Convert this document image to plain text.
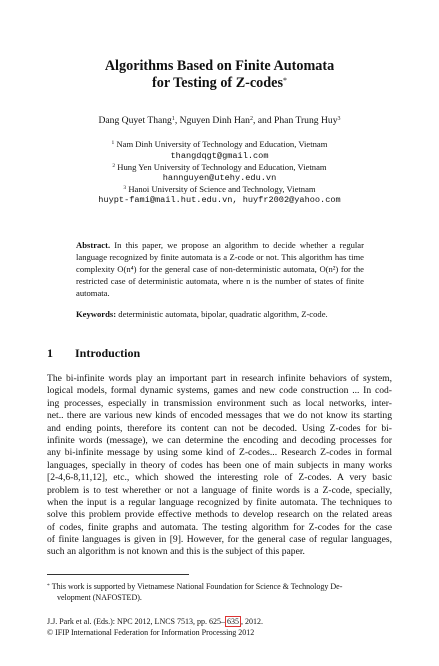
Algorithms Based on Finite Automata
for Testing of Z-codes*
Dang Quyet Thang$^1$, Nguyen Dinh Han$^2$, and Phan Trung Huy$^3$
$^1$ Nam Dinh University of Technology and Education, Vietnam
thangdqgt@gmail.com
$^2$ Hung Yen University of Technology and Education, Vietnam
hannguyen@utehy.edu.vn
$^3$ Hanoi University of Science and Technology, Vietnam
huypt-fami@mail.hut.edu.vn, huyfr2002@yahoo.com
Abstract. In this paper, we propose an algorithm to decide whether a regular language recognized by finite automata is a Z-code or not. This algorithm has time complexity O(n⁴) for the general case of non-deterministic automata, O(n²) for the restricted case of deterministic automata, where n is the number of states of finite automata.
Keywords: deterministic automata, bipolar, quadratic algorithm, Z-code.
1 Introduction
The bi-infinite words play an important part in research infinite behaviors of system,
logical models, formal dynamic systems, games and new code construction ... In cod-
ing processes, especially in transmission environment such as local networks, inter-
net.. there are various new kinds of encoded messages that we do not know its starting
and ending points, therefore its content can not be decoded. Using Z-codes for bi-
infinite words (message), we can determine the encoding and decoding processes for
any bi-infinite message by using some kind of Z-codes... Research Z-codes in formal
languages, specially in theory of codes has been one of main subjects in many works
[2-4,6-8,11,12], etc., which showed the interesting role of Z-codes. A very basic
problem is to test wherether or not a language of finite words is a Z-code, specially,
when the input is a regular language recognized by finite automata. The techniques to
solve this problem provide effective methods to develop research on the related areas
of codes, finite graphs and automata. The testing algorithm for Z-codes for the case
of finite languages is given in [9]. However, for the general case of regular languages,
such an algorithm is not known and this is the subject of this paper.
* This work is supported by Vietnamese National Foundation for Science & Technology De-
velopment (NAFOSTED).
J.J. Park et al. (Eds.): NPC 2012, LNCS 7513, pp. 625– 635 , 2012.
© IFIP International Federation for Information Processing 2012
